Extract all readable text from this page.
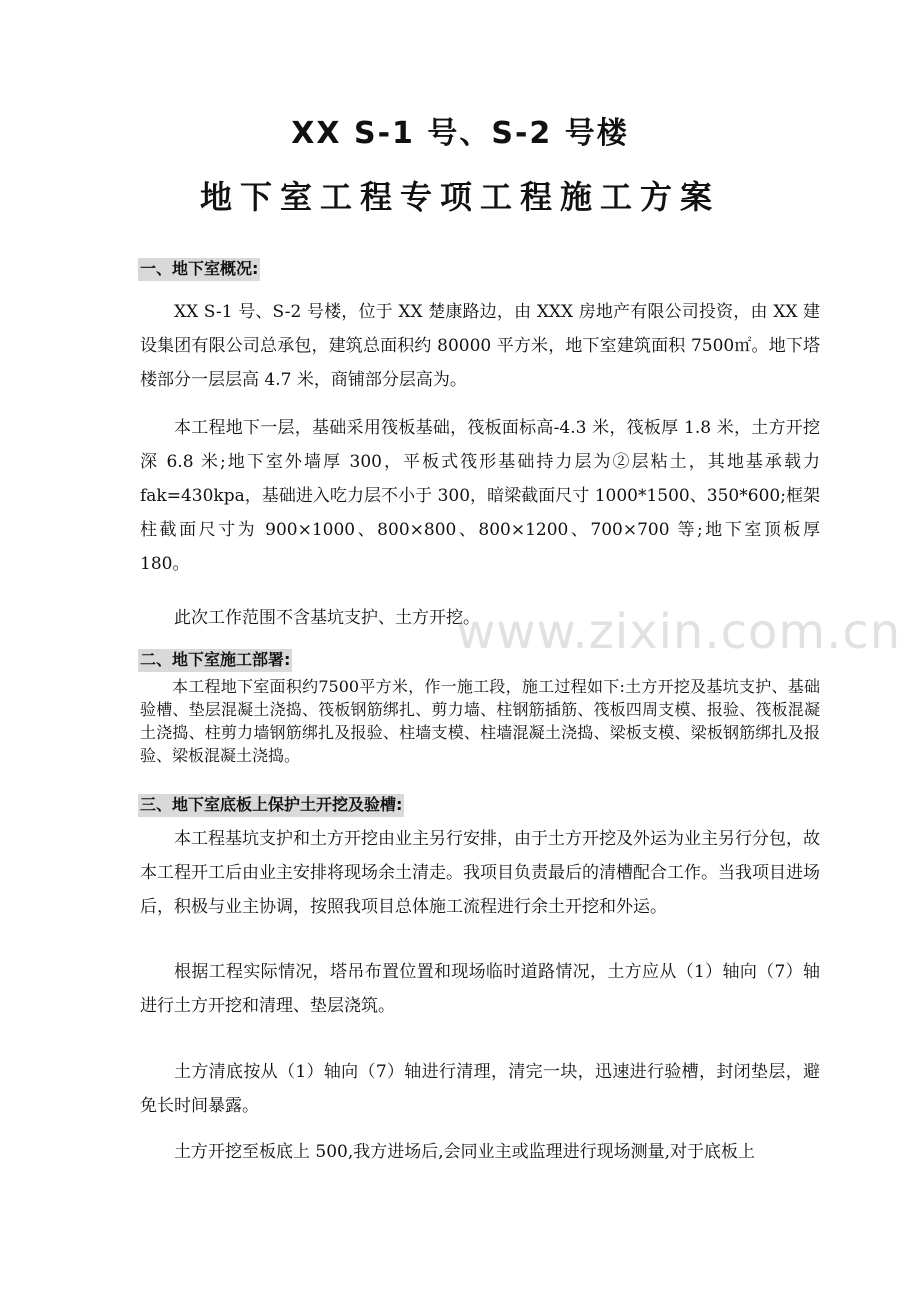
XX S-1 号、S-2 号楼
地下室工程专项工程施工方案
一、地下室概况:

XX S-1 号、S-2 号楼，位于 XX 楚康路边，由 XXX 房地产有限公司投资，由 XX 建设集团有限公司总承包，建筑总面积约 80000 平方米，地下室建筑面积 7500㎡。地下塔楼部分一层层高 4.7 米，商铺部分层高为。

本工程地下一层，基础采用筏板基础，筏板面标高-4.3 米，筏板厚 1.8 米，土方开挖深 6.8 米;地下室外墙厚 300，平板式筏形基础持力层为②层粘土，其地基承载力 fak=430kpa，基础进入吃力层不小于 300，暗梁截面尺寸 1000*1500、350*600;框架柱截面尺寸为 900×1000、800×800、800×1200、700×700 等;地下室顶板厚 180。

此次工作范围不含基坑支护、土方开挖。

www.zixin.com.cn
二、地下室施工部署:

本工程地下室面积约7500平方米，作一施工段，施工过程如下:土方开挖及基坑支护、基础验槽、垫层混凝土浇捣、筏板钢筋绑扎、剪力墙、柱钢筋插筋、筏板四周支模、报验、筏板混凝土浇捣、柱剪力墙钢筋绑扎及报验、柱墙支模、柱墙混凝土浇捣、梁板支模、梁板钢筋绑扎及报验、梁板混凝土浇捣。

三、地下室底板上保护土开挖及验槽:

本工程基坑支护和土方开挖由业主另行安排，由于土方开挖及外运为业主另行分包，故本工程开工后由业主安排将现场余土清走。我项目负责最后的清槽配合工作。当我项目进场后，积极与业主协调，按照我项目总体施工流程进行余土开挖和外运。

根据工程实际情况，塔吊布置位置和现场临时道路情况，土方应从（1）轴向（7）轴进行土方开挖和清理、垫层浇筑。

土方清底按从（1）轴向（7）轴进行清理，清完一块，迅速进行验槽，封闭垫层，避免长时间暴露。

土方开挖至板底上 500,我方进场后,会同业主或监理进行现场测量,对于底板上
